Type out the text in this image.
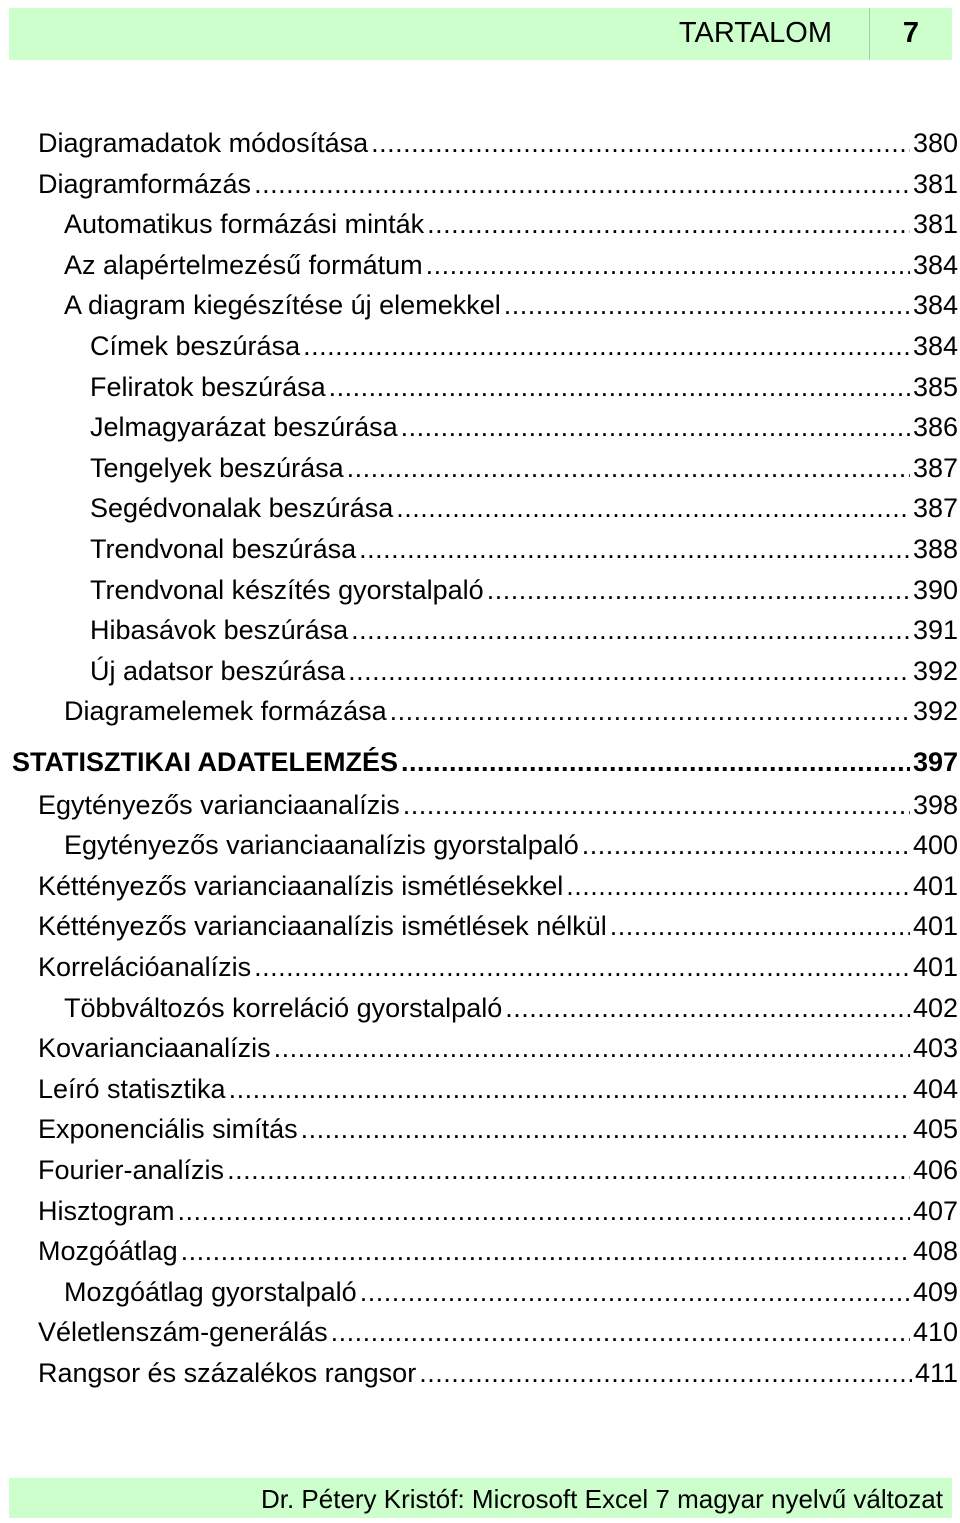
TARTALOM	7
Diagramadatok módosítása .....	380
Diagramformázás .....	381
Automatikus formázási minták .....	381
Az alapértelmezésű formátum .....	384
A diagram kiegészítése új elemekkel .....	384
Címek beszúrása .....	384
Feliratok beszúrása .....	385
Jelmagyarázat beszúrása .....	386
Tengelyek beszúrása .....	387
Segédvonalak beszúrása .....	387
Trendvonal beszúrása .....	388
Trendvonal készítés gyorstalpaló .....	390
Hibasávok beszúrása .....	391
Új adatsor beszúrása .....	392
Diagramelemek formázása .....	392
STATISZTIKAI ADATELEMZÉS .....	397
Egytényezős varianciaanalízis .....	398
Egytényezős varianciaanalízis gyorstalpaló .....	400
Kéttényezős varianciaanalízis ismétlésekkel .....	401
Kéttényezős varianciaanalízis ismétlések nélkül .....	401
Korrelációanalízis .....	401
Többváltozós korreláció gyorstalpaló .....	402
Kovarianciaanalízis .....	403
Leíró statisztika .....	404
Exponenciális simítás .....	405
Fourier-analízis .....	406
Hisztogram .....	407
Mozgóátlag .....	408
Mozgóátlag gyorstalpaló .....	409
Véletlenszám-generálás .....	410
Rangsor és százalékos rangsor .....	411
Dr. Pétery Kristóf: Microsoft Excel 7 magyar nyelvű változat
